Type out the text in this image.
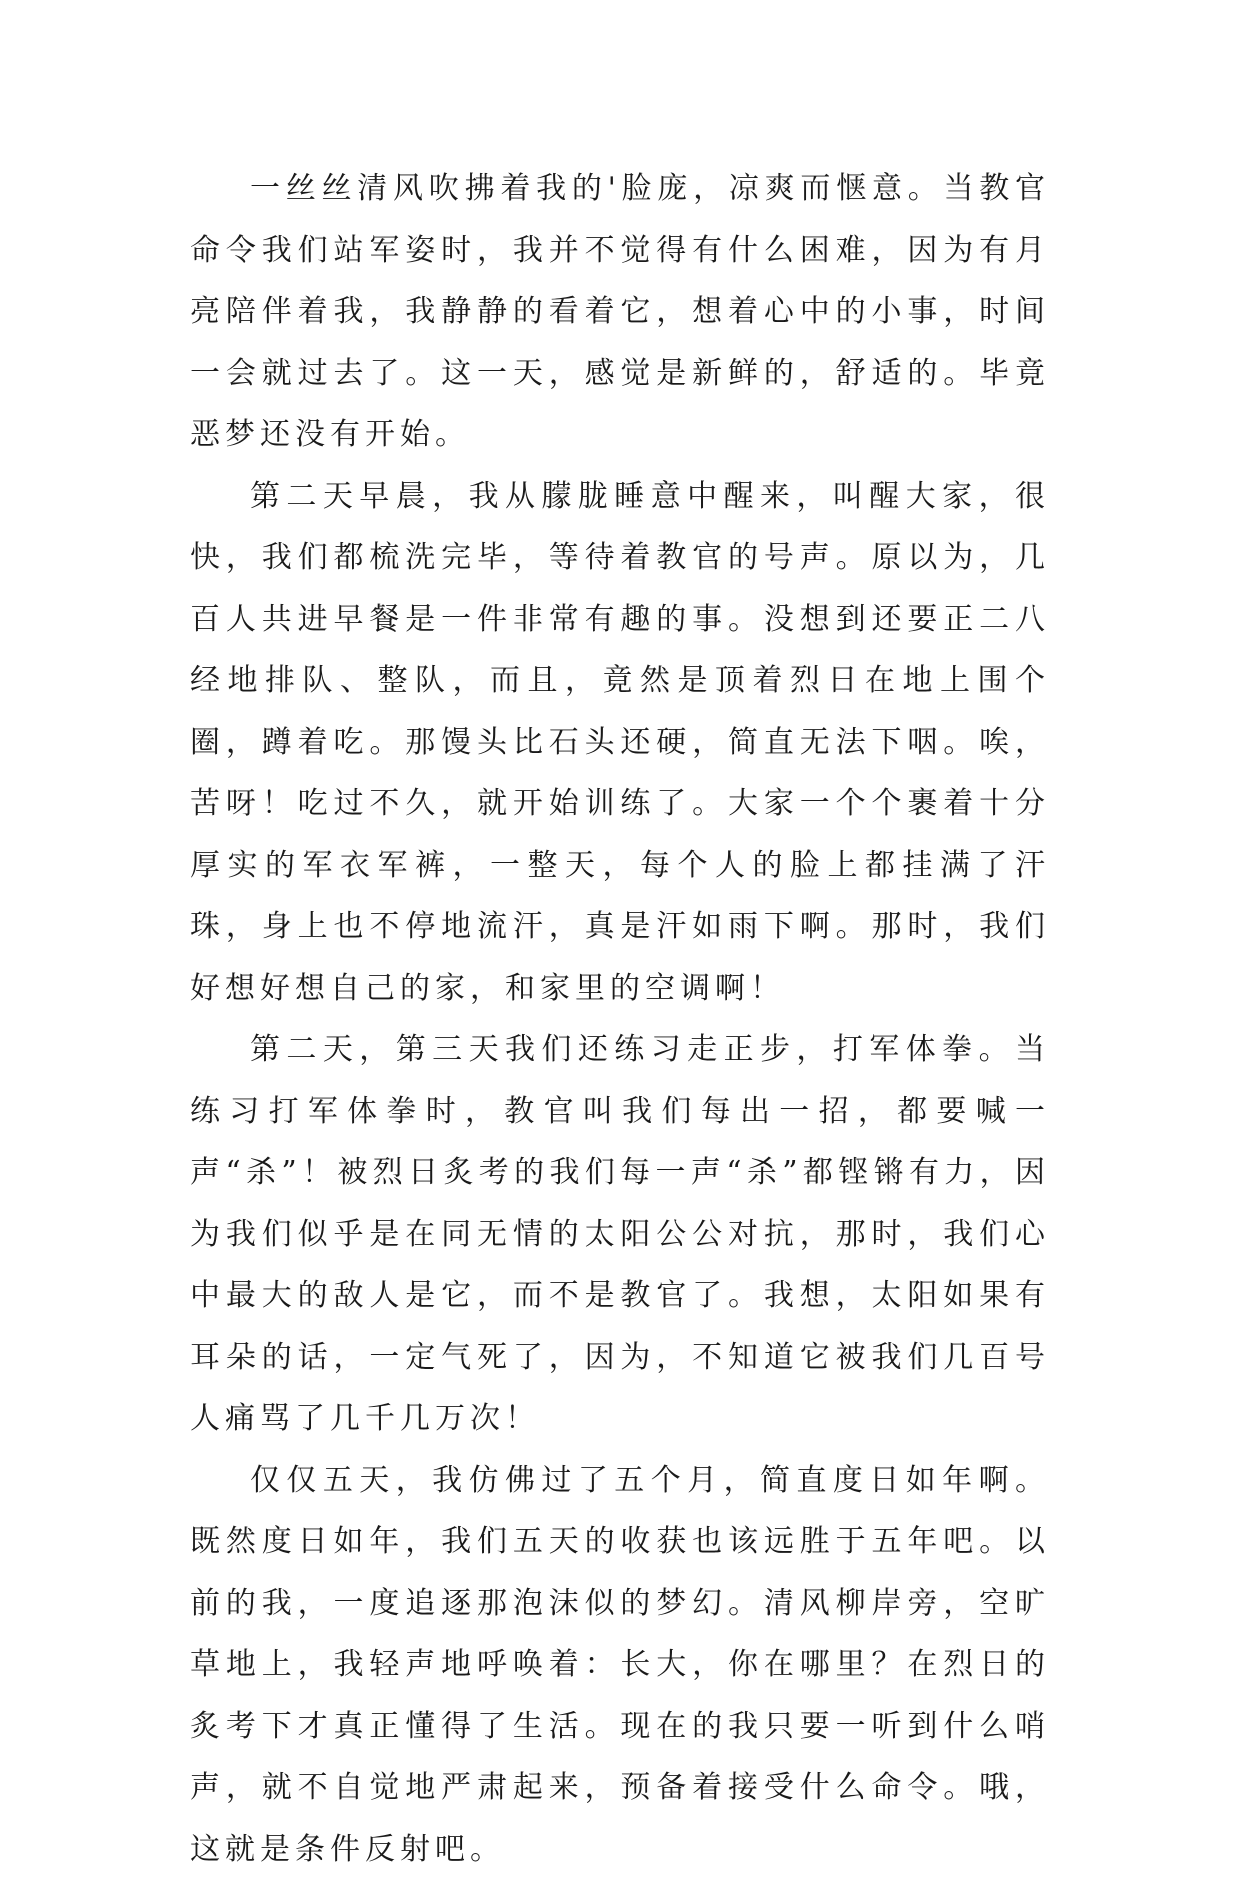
一丝丝清风吹拂着我的'脸庞，凉爽而惬意。当教官命令我们站军姿时，我并不觉得有什么困难，因为有月亮陪伴着我，我静静的看着它，想着心中的小事，时间一会就过去了。这一天，感觉是新鲜的，舒适的。毕竟恶梦还没有开始。

第二天早晨，我从朦胧睡意中醒来，叫醒大家，很快，我们都梳洗完毕，等待着教官的号声。原以为，几百人共进早餐是一件非常有趣的事。没想到还要正二八经地排队、整队，而且，竟然是顶着烈日在地上围个圈，蹲着吃。那馒头比石头还硬，简直无法下咽。唉，苦呀！吃过不久，就开始训练了。大家一个个裹着十分厚实的军衣军裤，一整天，每个人的脸上都挂满了汗珠，身上也不停地流汗，真是汗如雨下啊。那时，我们好想好想自己的家，和家里的空调啊！

第二天，第三天我们还练习走正步，打军体拳。当练习打军体拳时，教官叫我们每出一招，都要喊一声“杀”！被烈日炙考的我们每一声“杀”都铿锵有力，因为我们似乎是在同无情的太阳公公对抗，那时，我们心中最大的敌人是它，而不是教官了。我想，太阳如果有耳朵的话，一定气死了，因为，不知道它被我们几百号人痛骂了几千几万次！

仅仅五天，我仿佛过了五个月，简直度日如年啊。既然度日如年，我们五天的收获也该远胜于五年吧。以前的我，一度追逐那泡沫似的梦幻。清风柳岸旁，空旷草地上，我轻声地呼唤着：长大，你在哪里？在烈日的炙考下才真正懂得了生活。现在的我只要一听到什么哨声，就不自觉地严肃起来，预备着接受什么命令。哦，这就是条件反射吧。
